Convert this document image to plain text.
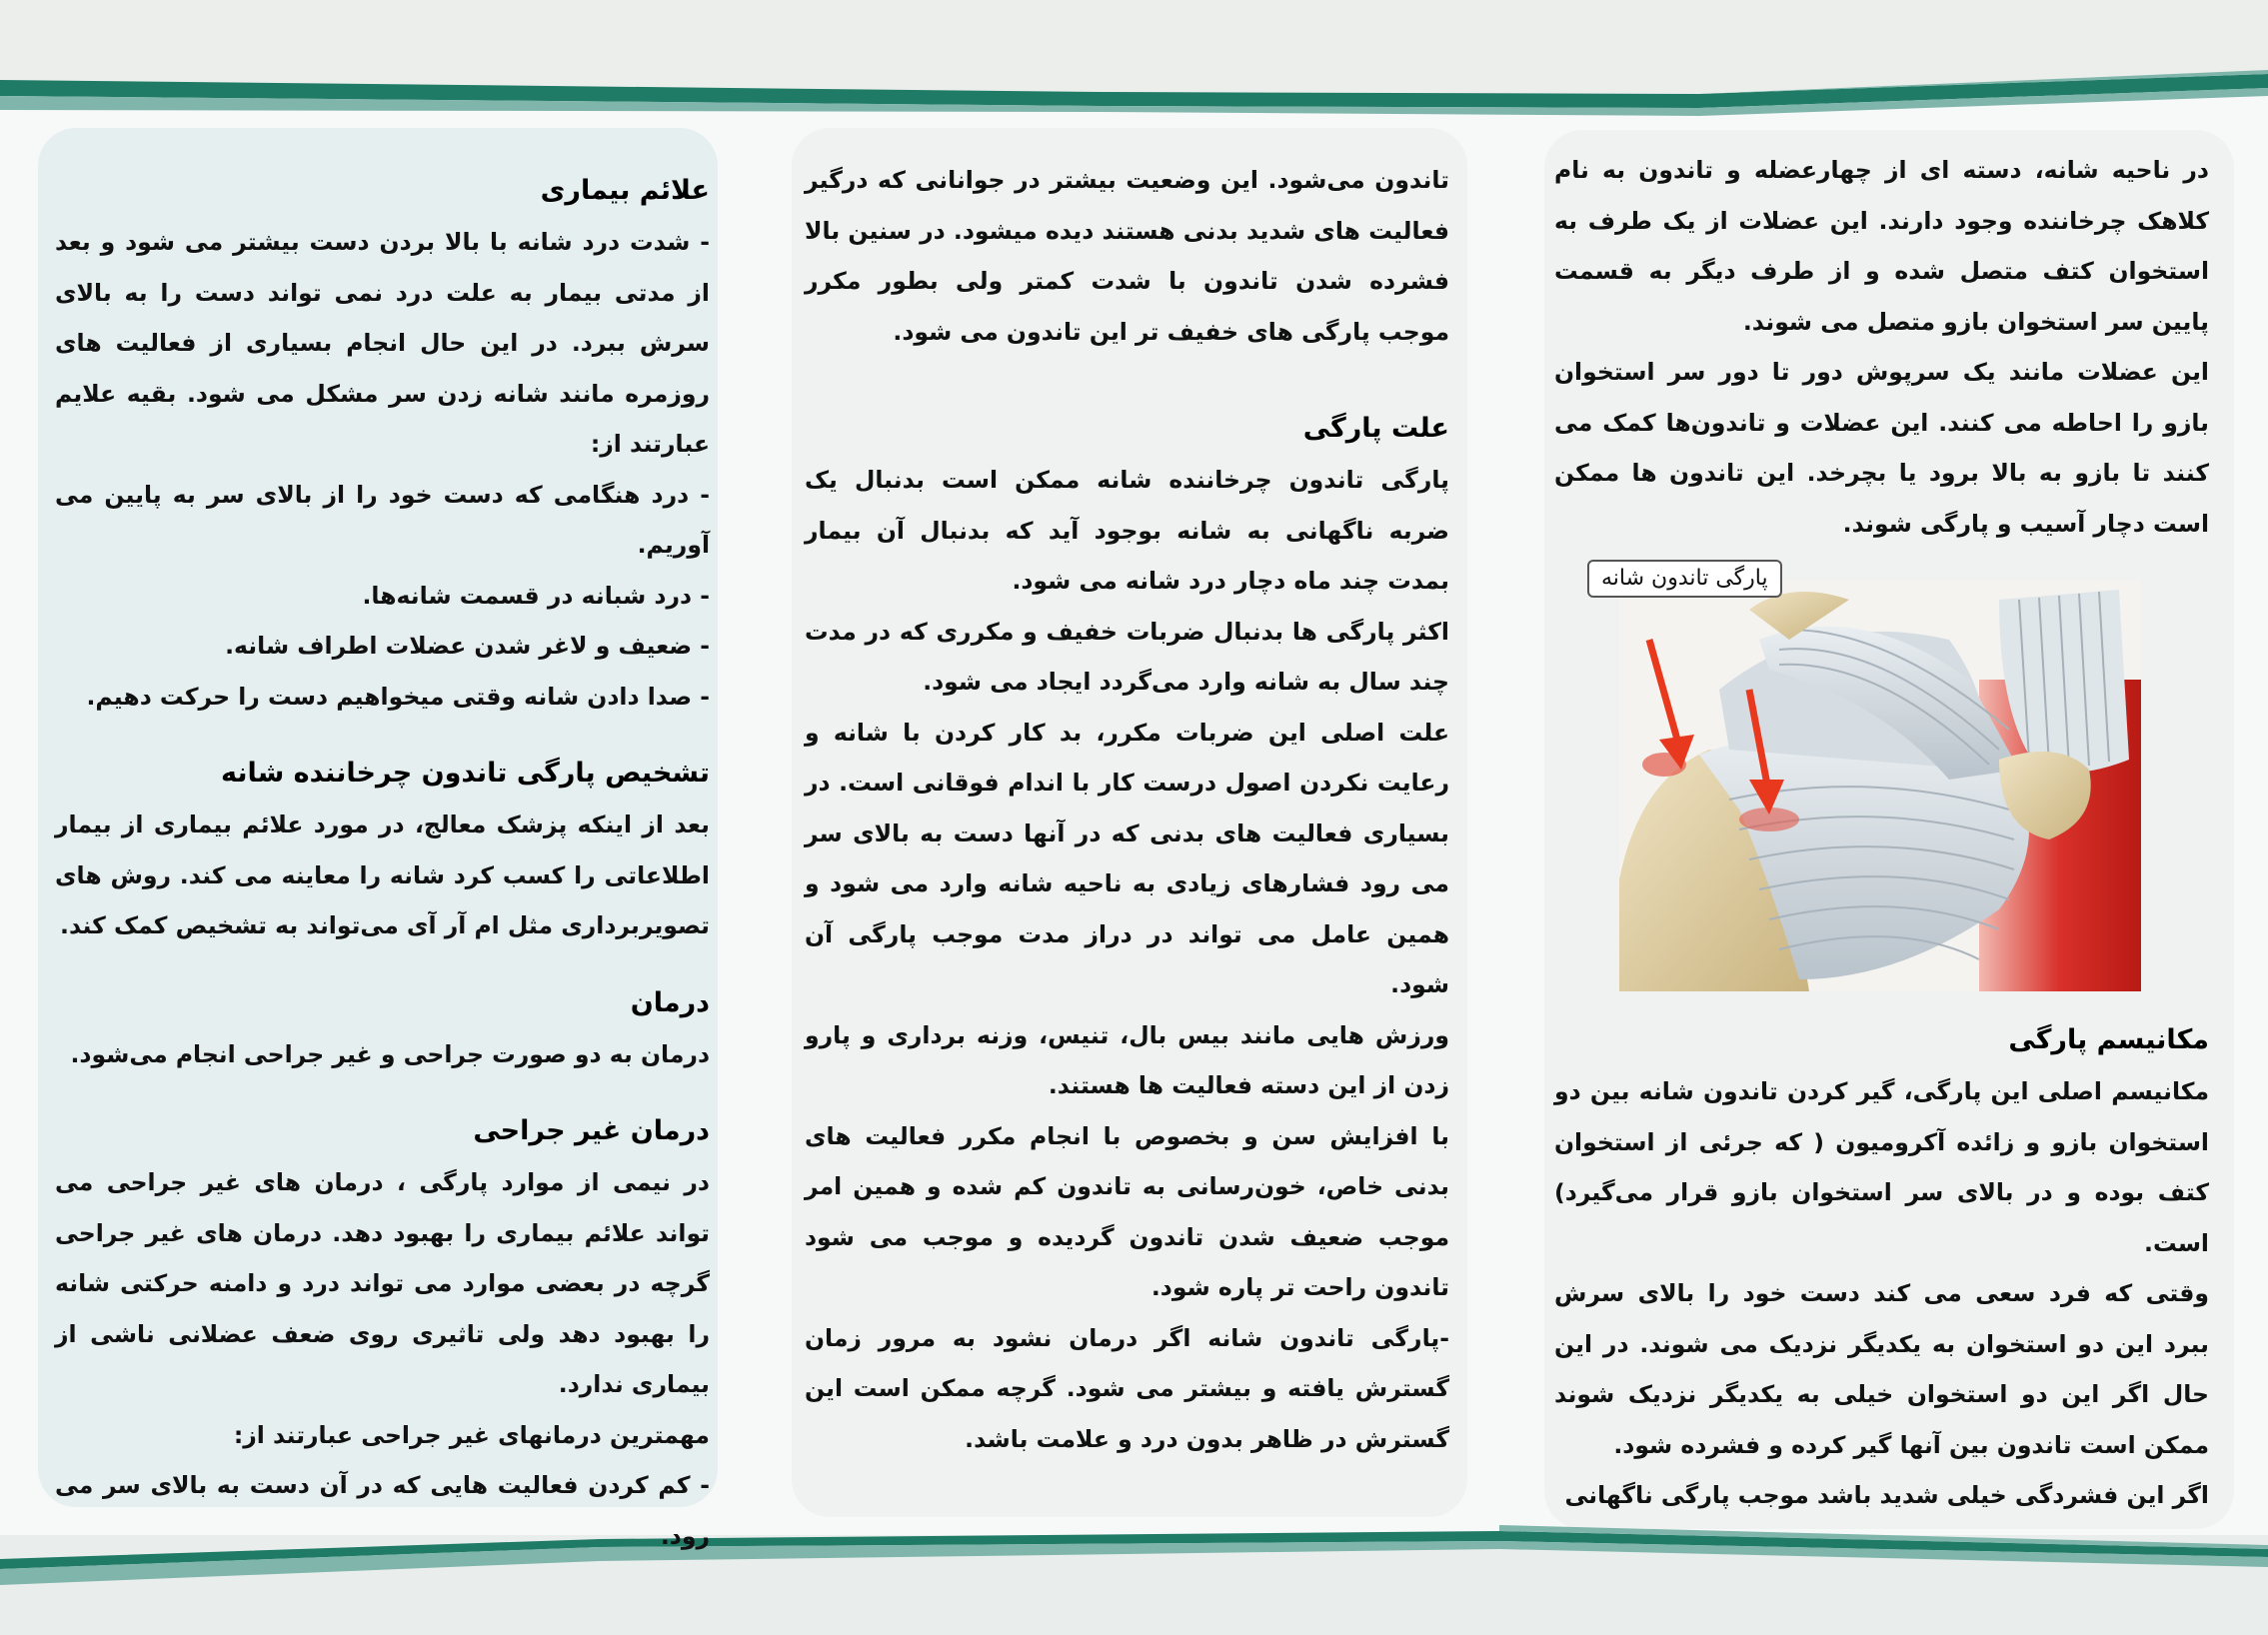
در ناحیه شانه، دسته ای از چهارعضله و تاندون به نام کلاهک چرخاننده وجود دارند. این عضلات از یک طرف به استخوان کتف متصل شده و از طرف دیگر به قسمت پایین سر استخوان بازو متصل می شوند.

این عضلات مانند یک سرپوش دور تا دور سر استخوان بازو را احاطه می کنند. این عضلات و تاندون‌ها کمک می کنند تا بازو به بالا برود یا بچرخد. این تاندون ها ممکن است دچار آسیب و پارگی شوند.

پارگی تاندون شانه
مکانیسم پارگی

مکانیسم اصلی این پارگی، گیر کردن تاندون شانه بین دو استخوان بازو و زائده آکرومیون ( که جرئی از استخوان کتف بوده و در بالای سر استخوان بازو قرار می‌گیرد) است.

وقتی که فرد سعی می کند دست خود را بالای سرش ببرد این دو استخوان به یکدیگر نزدیک می شوند. در این حال اگر این دو استخوان خیلی به یکدیگر نزدیک شوند ممکن است تاندون بین آنها گیر کرده و فشرده شود.

اگر این فشردگی خیلی شدید باشد موجب پارگی ناگهانی

تاندون می‌شود. این وضعیت بیشتر در جوانانی که درگیر فعالیت های شدید بدنی هستند دیده میشود. در سنین بالا فشرده شدن تاندون با شدت کمتر ولی بطور مکرر موجب پارگی های خفیف تر این تاندون می شود.

علت پارگی

پارگی تاندون چرخاننده شانه ممکن است بدنبال یک ضربه ناگهانی به شانه بوجود آید که بدنبال آن بیمار بمدت چند ماه دچار درد شانه می شود.

اکثر پارگی ها بدنبال ضربات خفیف و مکرری که در مدت چند سال به شانه وارد می‌گردد ایجاد می شود.

علت اصلی این ضربات مکرر، بد کار کردن با شانه و رعایت نکردن اصول درست کار با اندام فوقانی است. در بسیاری فعالیت های بدنی که در آنها دست به بالای سر می رود فشارهای زیادی به ناحیه شانه وارد می شود و همین عامل می تواند در دراز مدت موجب پارگی آن شود.

ورزش هایی مانند بیس بال، تنیس، وزنه برداری و پارو زدن از این دسته فعالیت ها هستند.

با افزایش سن و بخصوص با انجام مکرر فعالیت های بدنی خاص، خون‌رسانی به تاندون کم شده و همین امر موجب ضعیف شدن تاندون گردیده و موجب می شود تاندون راحت تر پاره شود.

-پارگی تاندون شانه اگر درمان نشود به مرور زمان گسترش یافته و بیشتر می شود. گرچه ممکن است این گسترش در ظاهر بدون درد و علامت باشد.

علائم بیماری

- شدت درد شانه با بالا بردن دست بیشتر می شود و بعد از مدتی بیمار به علت درد نمی تواند دست را به بالای سرش ببرد. در این حال انجام بسیاری از فعالیت های روزمره مانند شانه زدن سر مشکل می شود. بقیه علایم عبارتند از:

- درد هنگامی که دست خود را از بالای سر به پایین می آوریم.

- درد شبانه در قسمت شانه‌ها.

- ضعیف و لاغر شدن عضلات اطراف شانه.

- صدا دادن شانه وقتی میخواهیم دست را حرکت دهیم.

تشخیص پارگی تاندون چرخاننده شانه

بعد از اینکه پزشک معالج، در مورد علائم بیماری از بیمار اطلاعاتی را کسب کرد شانه را معاینه می کند. روش های تصویربرداری مثل ام آر آی می‌تواند به تشخیص کمک کند.

درمان

درمان به دو صورت جراحی و غیر جراحی انجام می‌شود.

درمان غیر جراحی

در نیمی از موارد پارگی ، درمان های غیر جراحی می تواند علائم بیماری را بهبود دهد. درمان های غیر جراحی گرچه در بعضی موارد می تواند درد و دامنه حرکتی شانه را بهبود دهد ولی تاثیری روی ضعف عضلانی ناشی از بیماری ندارد.

مهمترین درمانهای غیر جراحی عبارتند از:

- کم کردن فعالیت هایی که در آن دست به بالای سر می رود.
